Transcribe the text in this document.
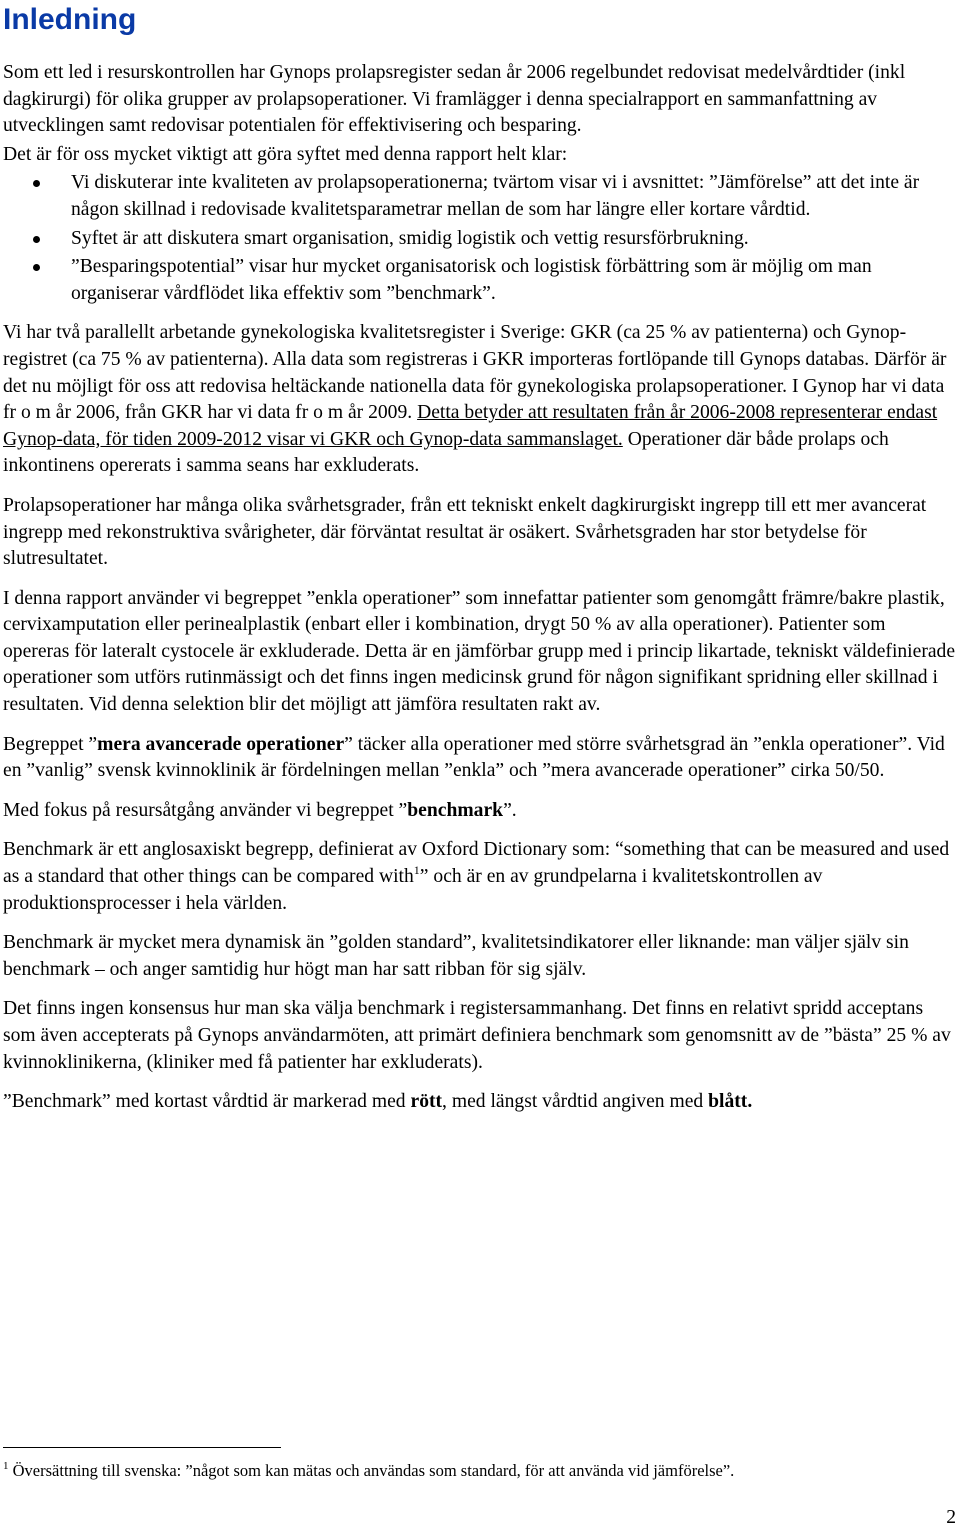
Inledning

Som ett led i resurskontrollen har Gynops prolapsregister sedan år 2006 regelbundet redovisat medelvårdtider (inkl dagkirurgi) för olika grupper av prolapsoperationer. Vi framlägger i denna specialrapport en sammanfattning av utvecklingen samt redovisar potentialen för effektivisering och besparing.

Det är för oss mycket viktigt att göra syftet med denna rapport helt klar:

Vi diskuterar inte kvaliteten av prolapsoperationerna; tvärtom visar vi i avsnittet: ”Jämförelse” att det inte är någon skillnad i redovisade kvalitetsparametrar mellan de som har längre eller kortare vårdtid.
Syftet är att diskutera smart organisation, smidig logistik och vettig resursförbrukning.
”Besparingspotential” visar hur mycket organisatorisk och logistisk förbättring som är möjlig om man organiserar vårdflödet lika effektiv som ”benchmark”.

Vi har två parallellt arbetande gynekologiska kvalitetsregister i Sverige: GKR (ca 25 % av patienterna) och Gynop-registret (ca 75 % av patienterna). Alla data som registreras i GKR importeras fortlöpande till Gynops databas. Därför är det nu möjligt för oss att redovisa heltäckande nationella data för gynekologiska prolapsoperationer. I Gynop har vi data fr o m år 2006, från GKR har vi data fr o m år 2009. Detta betyder att resultaten från år 2006-2008 representerar endast Gynop-data, för tiden 2009-2012 visar vi GKR och Gynop-data sammanslaget. Operationer där både prolaps och inkontinens opererats i samma seans har exkluderats.

Prolapsoperationer har många olika svårhetsgrader, från ett tekniskt enkelt dagkirurgiskt ingrepp till ett mer avancerat ingrepp med rekonstruktiva svårigheter, där förväntat resultat är osäkert. Svårhetsgraden har stor betydelse för slutresultatet.

I denna rapport använder vi begreppet ”enkla operationer” som innefattar patienter som genomgått främre/bakre plastik, cervixamputation eller perinealplastik (enbart eller i kombination, drygt 50 % av alla operationer). Patienter som opereras för lateralt cystocele är exkluderade. Detta är en jämförbar grupp med i princip likartade, tekniskt väldefinierade operationer som utförs rutinmässigt och det finns ingen medicinsk grund för någon signifikant spridning eller skillnad i resultaten. Vid denna selektion blir det möjligt att jämföra resultaten rakt av.

Begreppet ”mera avancerade operationer” täcker alla operationer med större svårhetsgrad än ”enkla operationer”. Vid en ”vanlig” svensk kvinnoklinik är fördelningen mellan ”enkla” och ”mera avancerade operationer” cirka 50/50.

Med fokus på resursåtgång använder vi begreppet ”benchmark”.

Benchmark är ett anglosaxiskt begrepp, definierat av Oxford Dictionary som: “something that can be measured and used as a standard that other things can be compared with$^1$” och är en av grundpelarna i kvalitetskontrollen av produktionsprocesser i hela världen.

Benchmark är mycket mera dynamisk än ”golden standard”, kvalitetsindikatorer eller liknande: man väljer själv sin benchmark – och anger samtidig hur högt man har satt ribban för sig själv.

Det finns ingen konsensus hur man ska välja benchmark i registersammanhang. Det finns en relativt spridd acceptans som även accepterats på Gynops användarmöten, att primärt definiera benchmark som genomsnitt av de ”bästa” 25 % av kvinnoklinikerna, (kliniker med få patienter har exkluderats).

”Benchmark” med kortast vårdtid är markerad med rött, med längst vårdtid angiven med blått.

$^1$ Översättning till svenska: ”något som kan mätas och användas som standard, för att använda vid jämförelse”.
2
